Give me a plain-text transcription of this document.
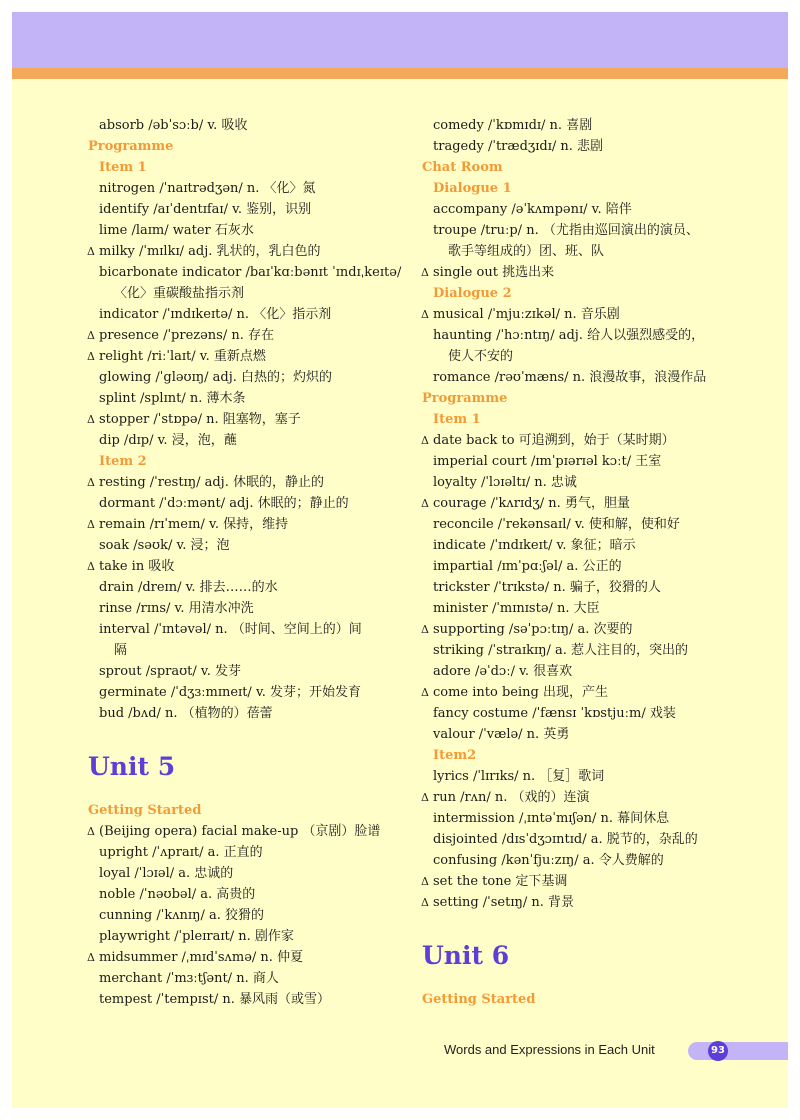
absorb /əbˈsɔːb/ v. 吸收
Programme
Item 1
nitrogen /ˈnaɪtrədʒən/ n. 〈化〉氮
identify /aɪˈdentɪfaɪ/ v. 鉴别，识别
lime /laɪm/ water 石灰水
Δ milky /ˈmɪlkɪ/ adj. 乳状的，乳白色的
bicarbonate indicator /baɪˈkɑːbənɪt ˈɪndɪˌkeɪtə/
〈化〉重碳酸盐指示剂
indicator /ˈɪndɪkeɪtə/ n. 〈化〉指示剂
Δ presence /ˈprezəns/ n. 存在
Δ relight /riːˈlaɪt/ v. 重新点燃
glowing /ˈgləʊɪŋ/ adj. 白热的；灼炽的
splint /splɪnt/ n. 薄木条
Δ stopper /ˈstɒpə/ n. 阻塞物，塞子
dip /dɪp/ v. 浸，泡，蘸
Item 2
Δ resting /ˈrestɪŋ/ adj. 休眠的，静止的
dormant /ˈdɔːmənt/ adj. 休眠的；静止的
Δ remain /rɪˈmeɪn/ v. 保持，维持
soak /səʊk/ v. 浸；泡
Δ take in 吸收
drain /dreɪn/ v. 排去……的水
rinse /rɪns/ v. 用清水冲洗
interval /ˈɪntəvəl/ n. （时间、空间上的）间
隔
sprout /spraʊt/ v. 发芽
germinate /ˈdʒɜːmɪneɪt/ v. 发芽；开始发育
bud /bʌd/ n. （植物的）蓓蕾
Unit 5
Getting Started
Δ (Beijing opera) facial make-up （京剧）脸谱
upright /ˈʌpraɪt/ a. 正直的
loyal /ˈlɔɪəl/ a. 忠诚的
noble /ˈnəʊbəl/ a. 高贵的
cunning /ˈkʌnɪŋ/ a. 狡猾的
playwright /ˈpleɪraɪt/ n. 剧作家
Δ midsummer /ˌmɪdˈsʌmə/ n. 仲夏
merchant /ˈmɜːtʃənt/ n. 商人
tempest /ˈtempɪst/ n. 暴风雨（或雪）
comedy /ˈkɒmɪdɪ/ n. 喜剧
tragedy /ˈtrædʒɪdɪ/ n. 悲剧
Chat Room
Dialogue 1
accompany /əˈkʌmpənɪ/ v. 陪伴
troupe /truːp/ n. （尤指由巡回演出的演员、
歌手等组成的）团、班、队
Δ single out 挑选出来
Dialogue 2
Δ musical /ˈmjuːzɪkəl/ n. 音乐剧
haunting /ˈhɔːntɪŋ/ adj. 给人以强烈感受的，
使人不安的
romance /rəʊˈmæns/ n. 浪漫故事，浪漫作品
Programme
Item 1
Δ date back to 可追溯到，始于（某时期）
imperial court /ɪmˈpɪərɪəl kɔːt/ 王室
loyalty /ˈlɔɪəltɪ/ n. 忠诚
Δ courage /ˈkʌrɪdʒ/ n. 勇气，胆量
reconcile /ˈrekənsaɪl/ v. 使和解，使和好
indicate /ˈɪndɪkeɪt/ v. 象征；暗示
impartial /ɪmˈpɑːʃəl/ a. 公正的
trickster /ˈtrɪkstə/ n. 骗子，狡猾的人
minister /ˈmɪnɪstə/ n. 大臣
Δ supporting /səˈpɔːtɪŋ/ a. 次要的
striking /ˈstraɪkɪŋ/ a. 惹人注目的，突出的
adore /əˈdɔː/ v. 很喜欢
Δ come into being 出现，产生
fancy costume /ˈfænsɪ ˈkɒstjuːm/ 戏装
valour /ˈvælə/ n. 英勇
Item2
lyrics /ˈlɪrɪks/ n. ［复］歌词
Δ run /rʌn/ n. （戏的）连演
intermission /ˌɪntəˈmɪʃən/ n. 幕间休息
disjointed /dɪsˈdʒɔɪntɪd/ a. 脱节的，杂乱的
confusing /kənˈfjuːzɪŋ/ a. 令人费解的
Δ set the tone 定下基调
Δ setting /ˈsetɪŋ/ n. 背景
Unit 6
Getting Started
Words and Expressions in Each Unit	93
